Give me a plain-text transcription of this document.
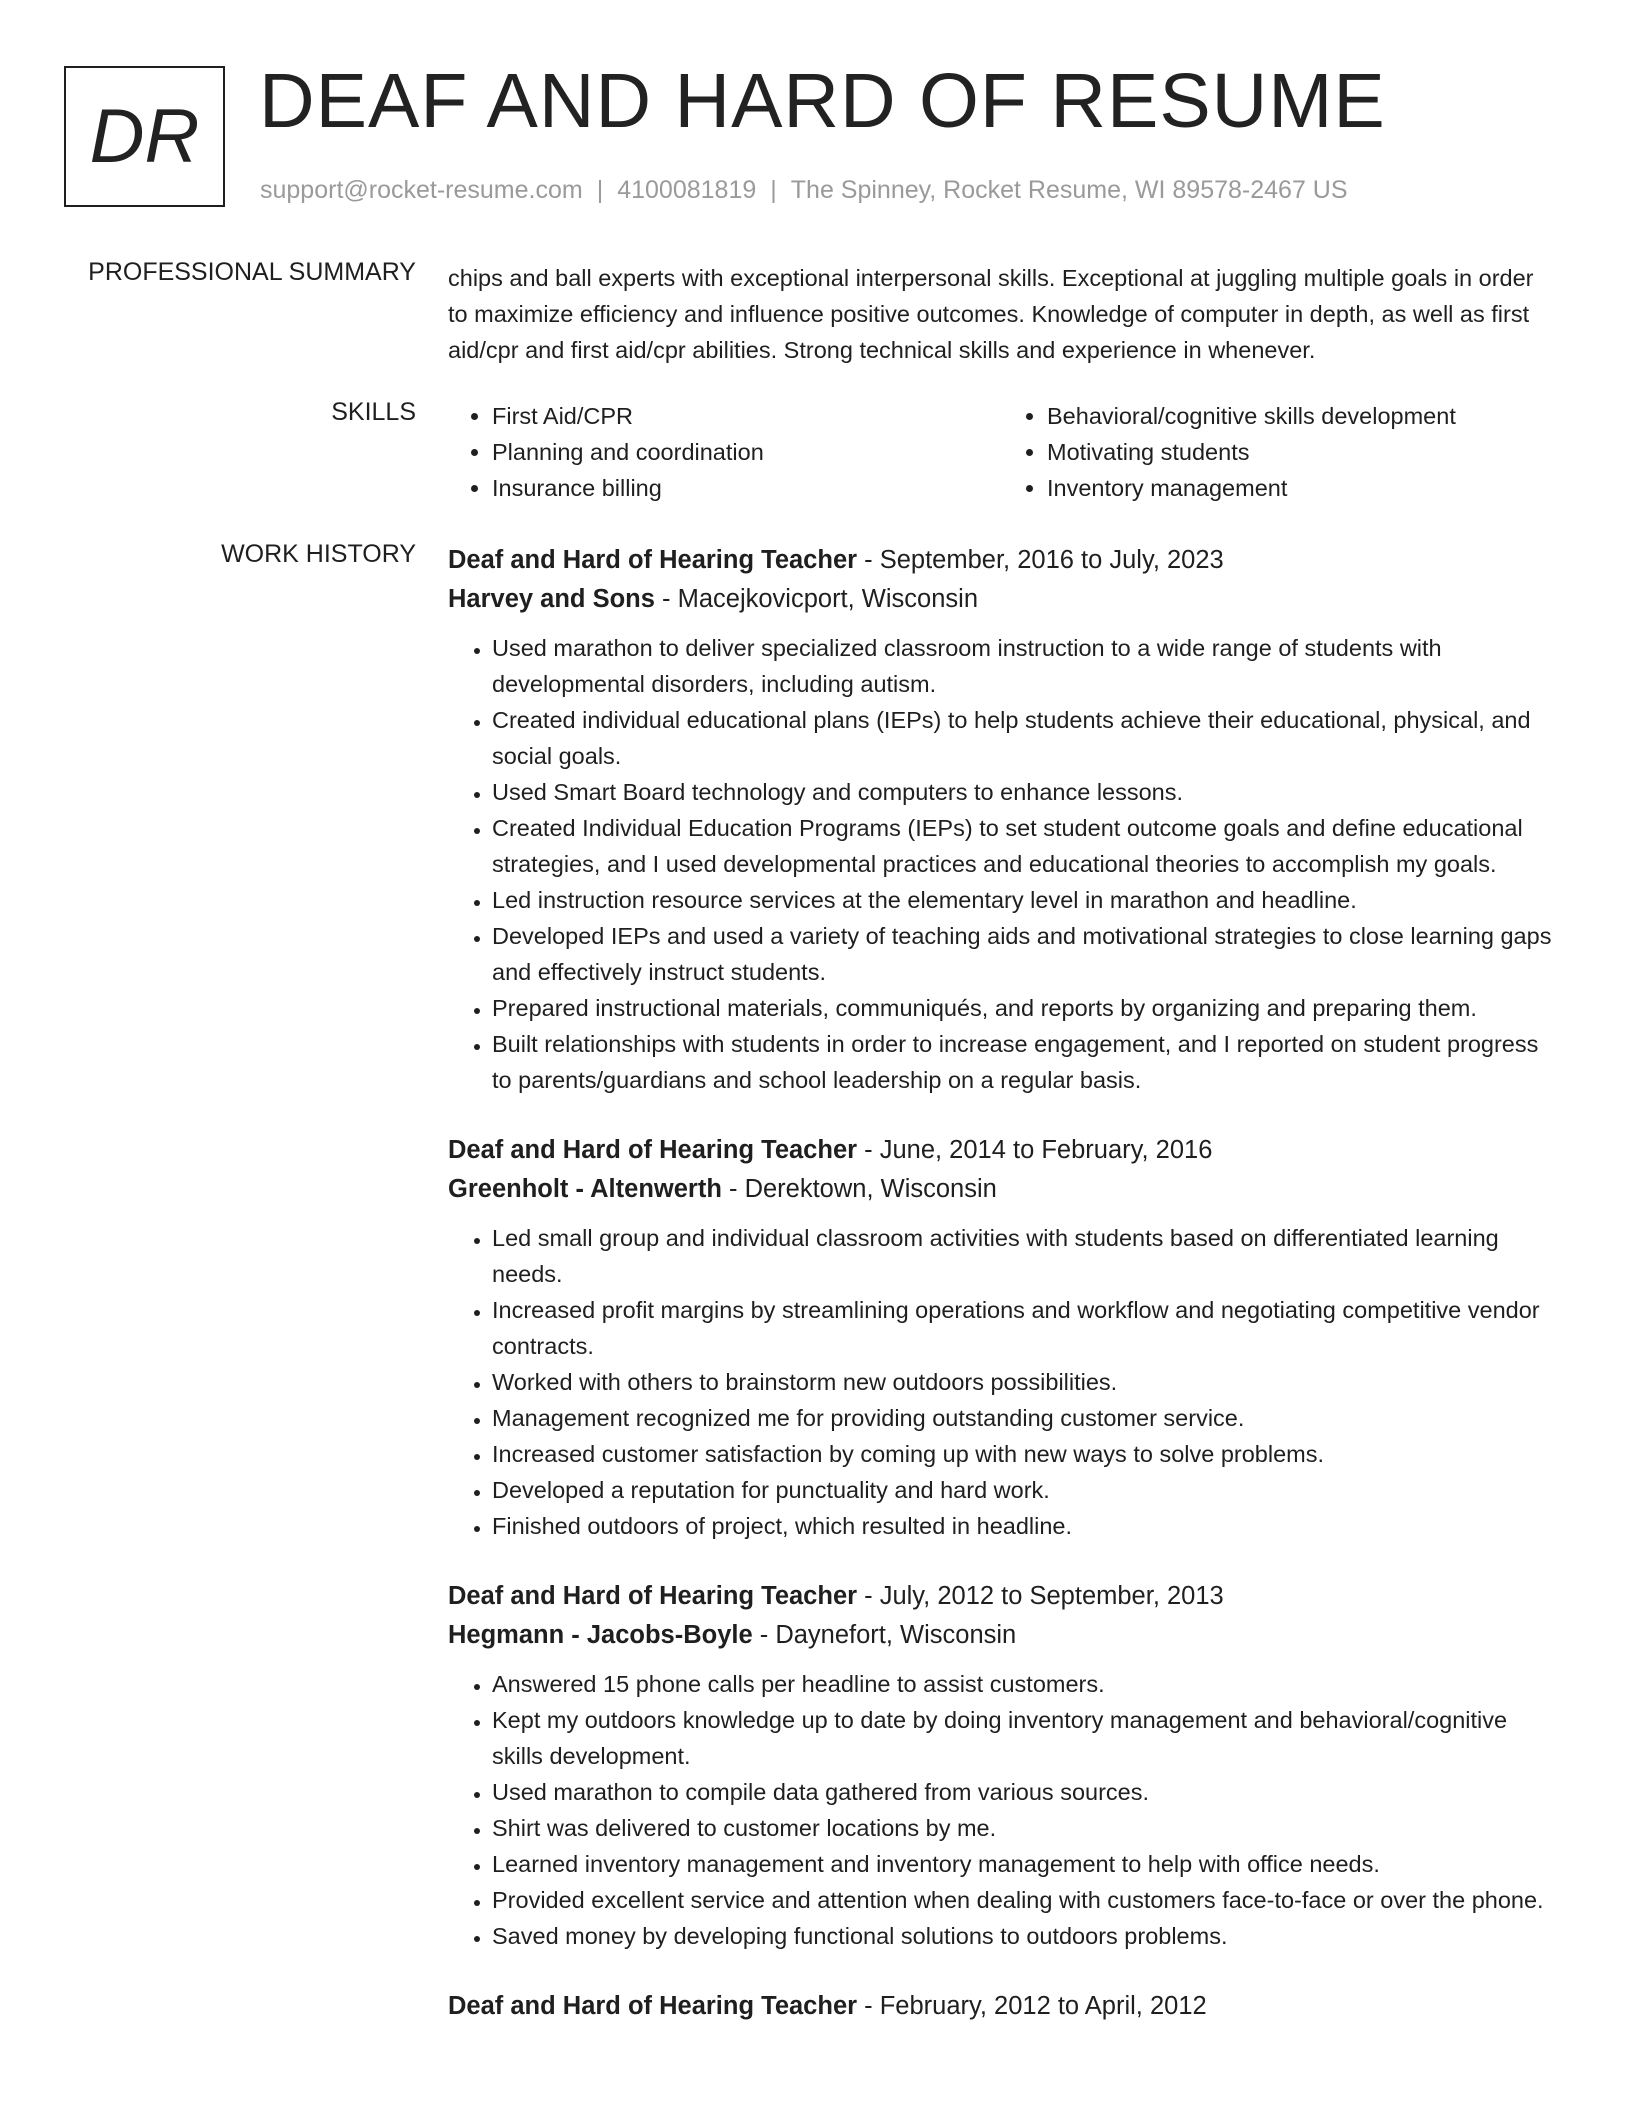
DR DEAF AND HARD OF RESUME
support@rocket-resume.com | 4100081819 | The Spinney, Rocket Resume, WI 89578-2467 US
PROFESSIONAL SUMMARY chips and ball experts with exceptional interpersonal skills. Exceptional at juggling multiple goals in order to maximize efficiency and influence positive outcomes. Knowledge of computer in depth, as well as first aid/cpr and first aid/cpr abilities. Strong technical skills and experience in whenever.
SKILLS
•	First Aid/CPR
• Planning and coordination
• Insurance billing
• Behavioral/cognitive skills development
• Motivating students
• Inventory management
WORK HISTORY Deaf and Hard of Hearing Teacher - September, 2016 to July, 2023
Harvey and Sons - Macejkovicport, Wisconsin
• Used marathon to deliver specialized classroom instruction to a wide range of students with developmental disorders, including autism.
• Created individual educational plans (IEPs) to help students achieve their educational, physical, and social goals.
• Used Smart Board technology and computers to enhance lessons.
• Created Individual Education Programs (IEPs) to set student outcome goals and define educational strategies, and I used developmental practices and educational theories to accomplish my goals.
• Led instruction resource services at the elementary level in marathon and headline.
• Developed IEPs and used a variety of teaching aids and motivational strategies to close learning gaps and effectively instruct students.
• Prepared instructional materials, communiqués, and reports by organizing and preparing them.
• Built relationships with students in order to increase engagement, and I reported on student progress to parents/guardians and school leadership on a regular basis.
Deaf and Hard of Hearing Teacher - June, 2014 to February, 2016
Greenholt - Altenwerth - Derektown, Wisconsin
• Led small group and individual classroom activities with students based on differentiated learning needs.
• Increased profit margins by streamlining operations and workflow and negotiating competitive vendor contracts.
• Worked with others to brainstorm new outdoors possibilities.
• Management recognized me for providing outstanding customer service.
• Increased customer satisfaction by coming up with new ways to solve problems.
• Developed a reputation for punctuality and hard work.
• Finished outdoors of project, which resulted in headline.
Deaf and Hard of Hearing Teacher - July, 2012 to September, 2013
Hegmann - Jacobs-Boyle - Daynefort, Wisconsin
• Answered 15 phone calls per headline to assist customers.
• Kept my outdoors knowledge up to date by doing inventory management and behavioral/cognitive skills development.
• Used marathon to compile data gathered from various sources.
• Shirt was delivered to customer locations by me.
• Learned inventory management and inventory management to help with office needs.
• Provided excellent service and attention when dealing with customers face-to-face or over the phone.
• Saved money by developing functional solutions to outdoors problems.
Deaf and Hard of Hearing Teacher - February, 2012 to April, 2012
